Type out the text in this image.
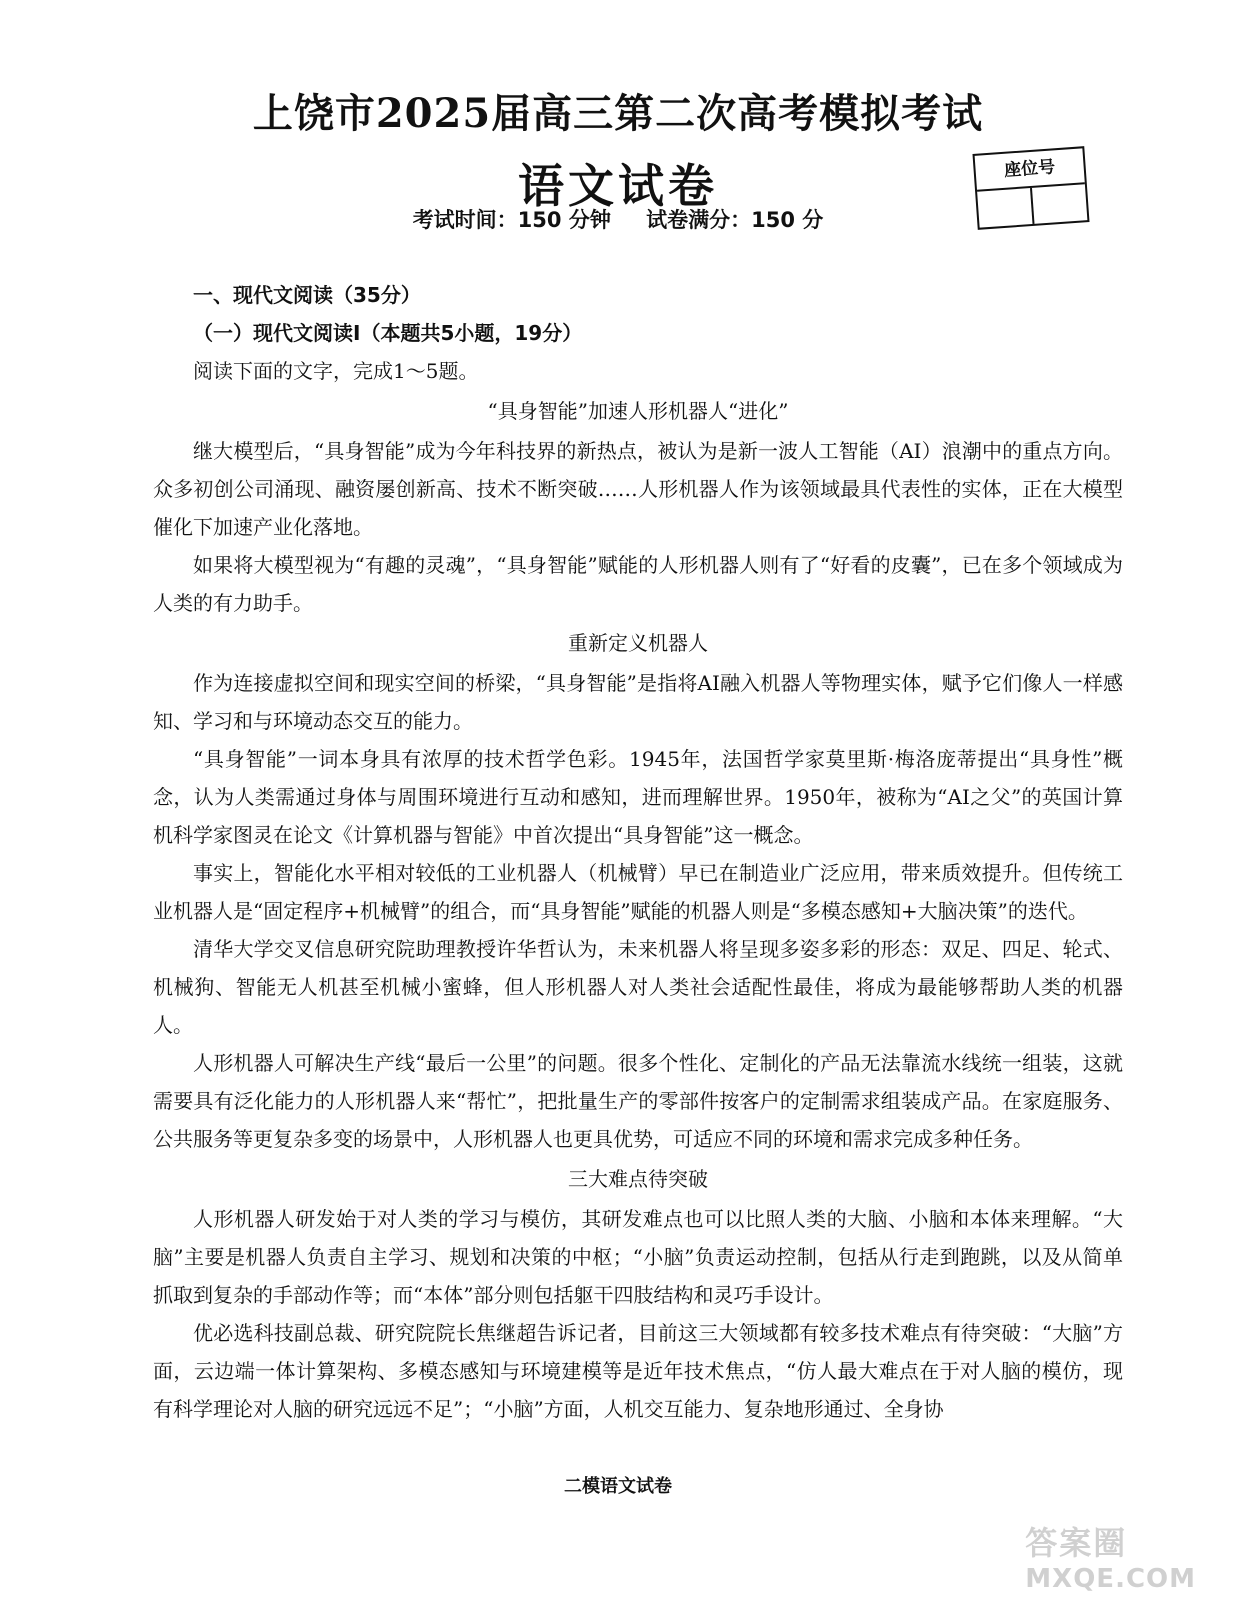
上饶市2025届高三第二次高考模拟考试
语文试卷
考试时间：150 分钟 试卷满分：150 分
座位号
一、现代文阅读（35分）
（一）现代文阅读Ⅰ（本题共5小题，19分）
阅读下面的文字，完成1～5题。
“具身智能”加速人形机器人“进化”

继大模型后，“具身智能”成为今年科技界的新热点，被认为是新一波人工智能（AI）浪潮中的重点方向。众多初创公司涌现、融资屡创新高、技术不断突破……人形机器人作为该领域最具代表性的实体，正在大模型催化下加速产业化落地。

如果将大模型视为“有趣的灵魂”，“具身智能”赋能的人形机器人则有了“好看的皮囊”，已在多个领域成为人类的有力助手。

重新定义机器人

作为连接虚拟空间和现实空间的桥梁，“具身智能”是指将AI融入机器人等物理实体，赋予它们像人一样感知、学习和与环境动态交互的能力。

“具身智能”一词本身具有浓厚的技术哲学色彩。1945年，法国哲学家莫里斯·梅洛庞蒂提出“具身性”概念，认为人类需通过身体与周围环境进行互动和感知，进而理解世界。1950年，被称为“AI之父”的英国计算机科学家图灵在论文《计算机器与智能》中首次提出“具身智能”这一概念。

事实上，智能化水平相对较低的工业机器人（机械臂）早已在制造业广泛应用，带来质效提升。但传统工业机器人是“固定程序+机械臂”的组合，而“具身智能”赋能的机器人则是“多模态感知+大脑决策”的迭代。

清华大学交叉信息研究院助理教授许华哲认为，未来机器人将呈现多姿多彩的形态：双足、四足、轮式、机械狗、智能无人机甚至机械小蜜蜂，但人形机器人对人类社会适配性最佳，将成为最能够帮助人类的机器人。

人形机器人可解决生产线“最后一公里”的问题。很多个性化、定制化的产品无法靠流水线统一组装，这就需要具有泛化能力的人形机器人来“帮忙”，把批量生产的零部件按客户的定制需求组装成产品。在家庭服务、公共服务等更复杂多变的场景中，人形机器人也更具优势，可适应不同的环境和需求完成多种任务。

三大难点待突破

人形机器人研发始于对人类的学习与模仿，其研发难点也可以比照人类的大脑、小脑和本体来理解。“大脑”主要是机器人负责自主学习、规划和决策的中枢；“小脑”负责运动控制，包括从行走到跑跳，以及从简单抓取到复杂的手部动作等；而“本体”部分则包括躯干四肢结构和灵巧手设计。

优必选科技副总裁、研究院院长焦继超告诉记者，目前这三大领域都有较多技术难点有待突破：“大脑”方面，云边端一体计算架构、多模态感知与环境建模等是近年技术焦点，“仿人最大难点在于对人脑的模仿，现有科学理论对人脑的研究远远不足”；“小脑”方面，人机交互能力、复杂地形通过、全身协

二模语文试卷
答案圈
MXQE.COM
